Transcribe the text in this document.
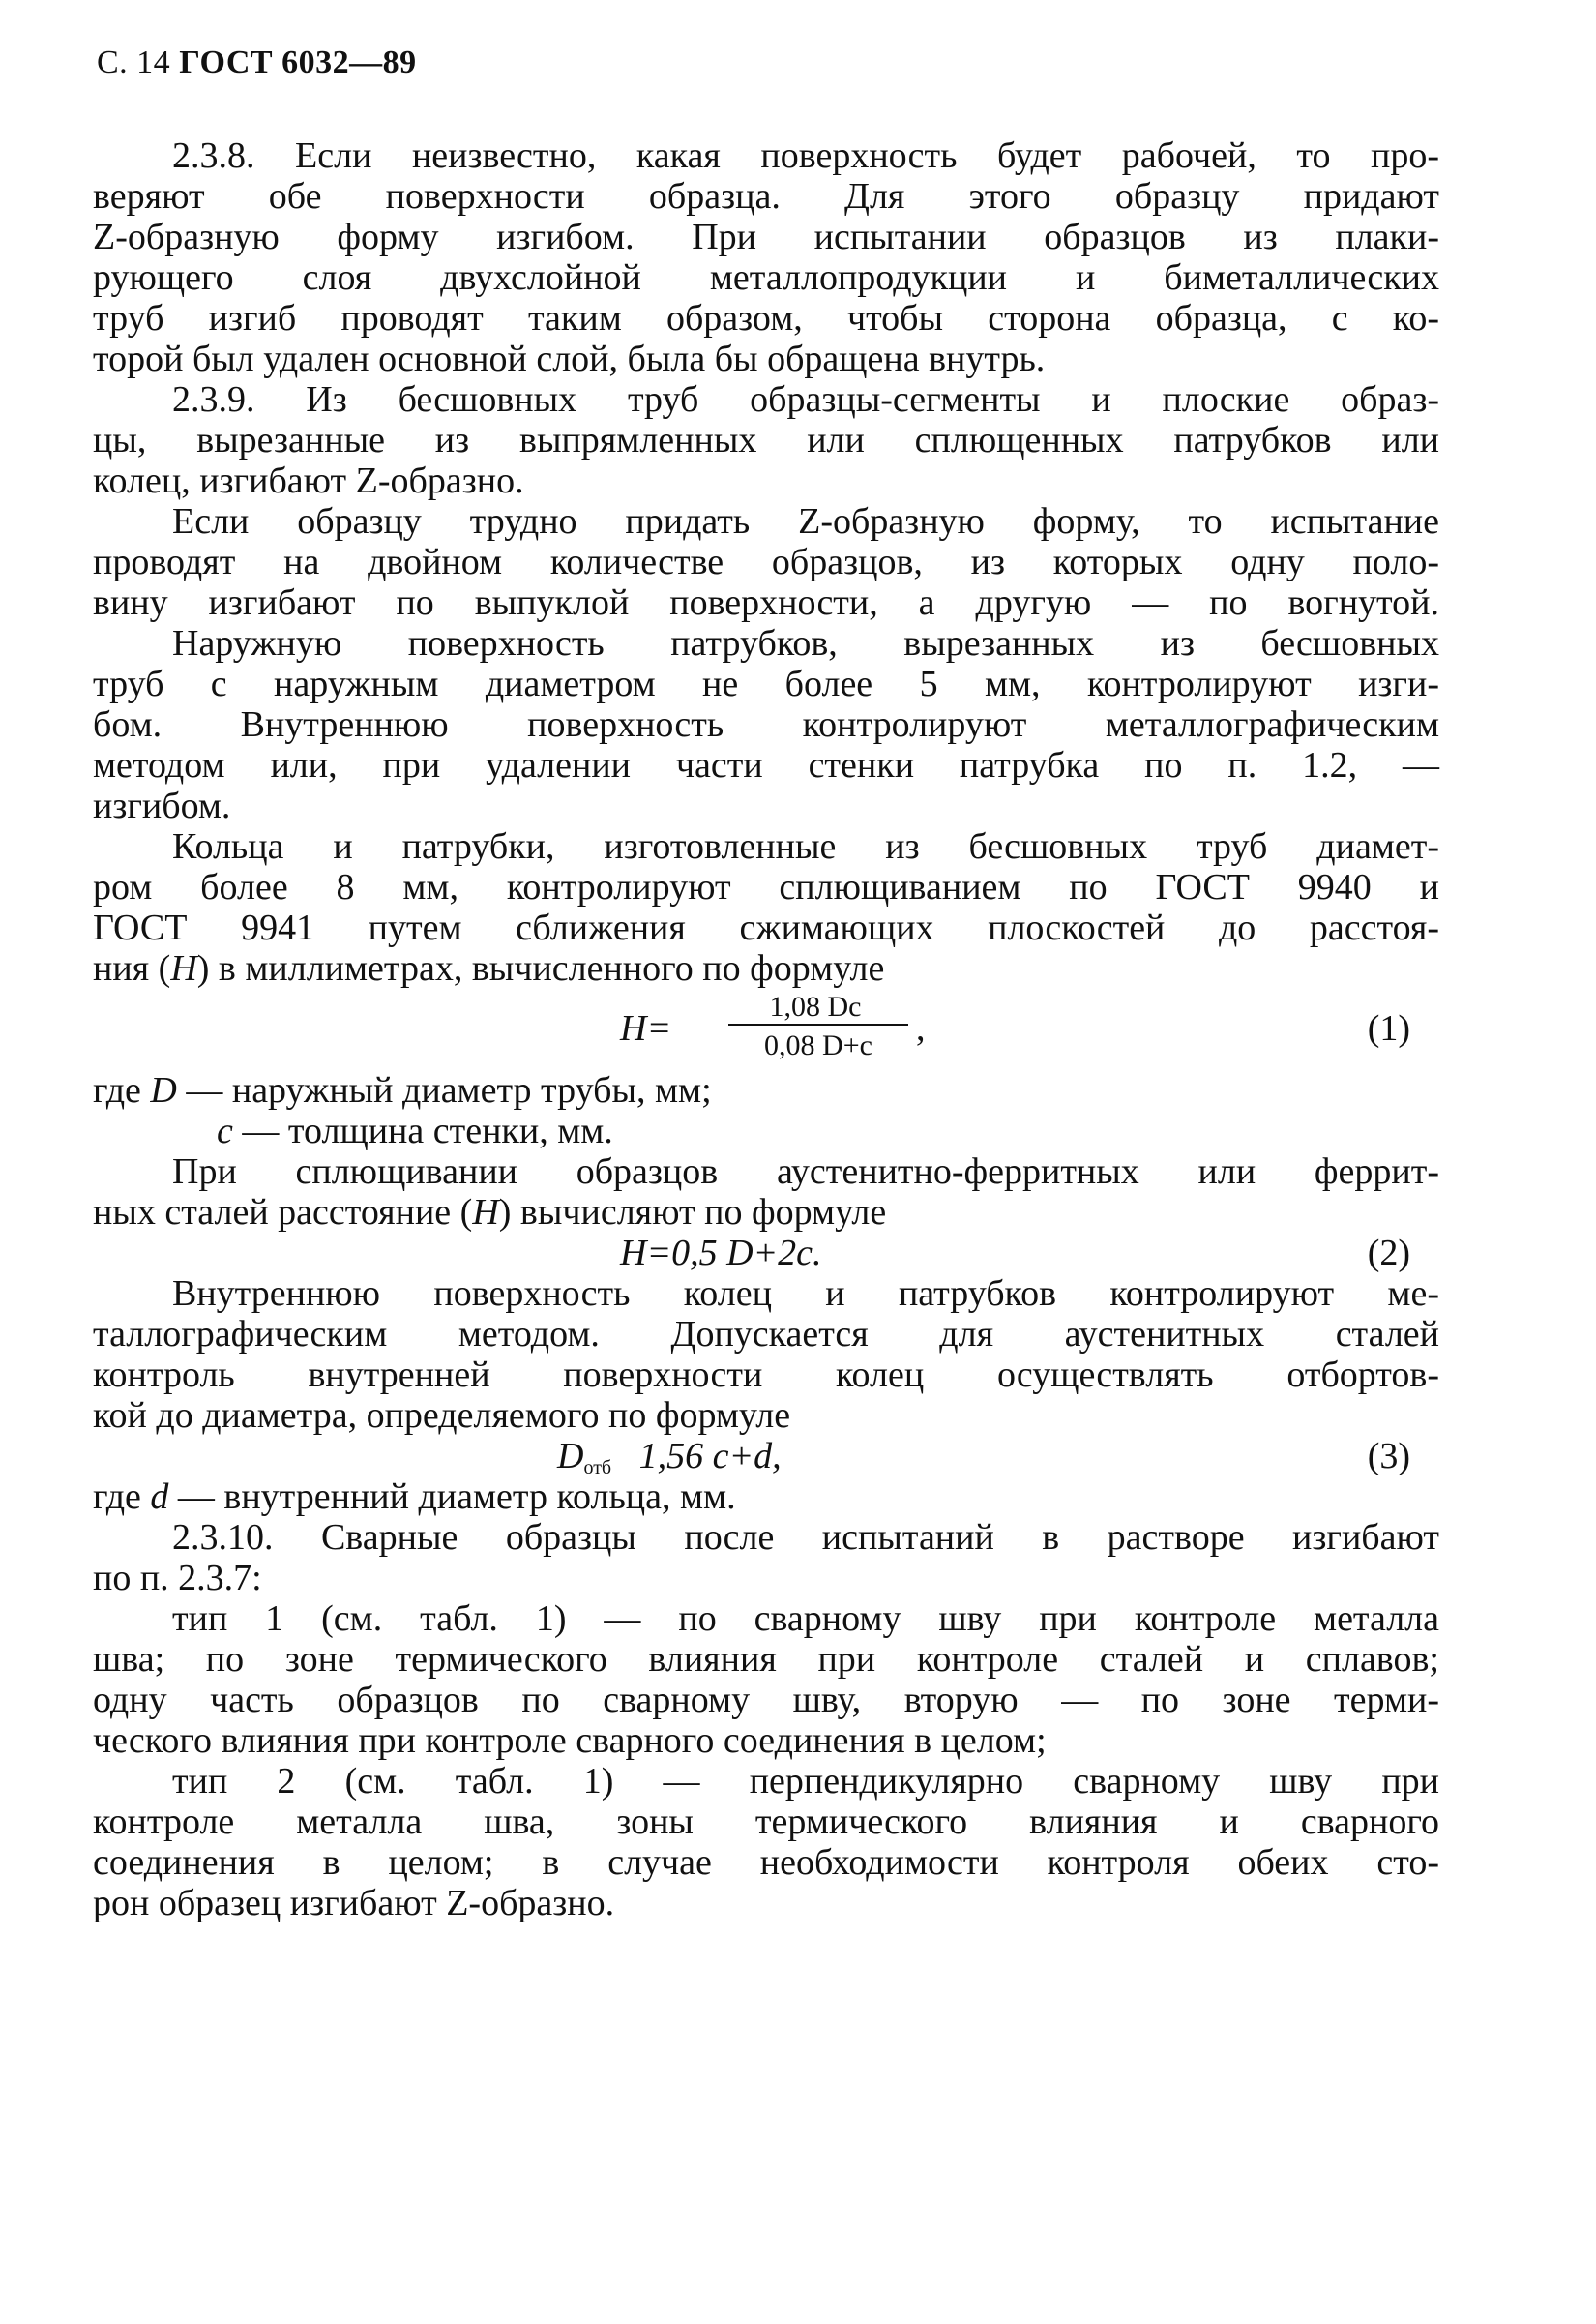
С. 14 ГОСТ 6032—89
2.3.8. Если неизвестно, какая поверхность будет рабочей, то про-
веряют обе поверхности образца. Для этого образцу придают
Z-образную форму изгибом. При испытании образцов из плаки-
рующего слоя двухслойной металлопродукции и биметаллических
труб изгиб проводят таким образом, чтобы сторона образца, с ко-
торой был удален основной слой, была бы обращена внутрь.
2.3.9. Из бесшовных труб образцы-сегменты и плоские образ-
цы, вырезанные из выпрямленных или сплющенных патрубков или
колец, изгибают Z-образно.
Если образцу трудно придать Z-образную форму, то испытание
проводят на двойном количестве образцов, из которых одну поло-
вину изгибают по выпуклой поверхности, а другую — по вогнутой.
Наружную поверхность патрубков, вырезанных из бесшовных
труб с наружным диаметром не более 5 мм, контролируют изги-
бом. Внутреннюю поверхность контролируют металлографическим
методом или, при удалении части стенки патрубка по п. 1.2, —
изгибом.
Кольца и патрубки, изготовленные из бесшовных труб диамет-
ром более 8 мм, контролируют сплющиванием по ГОСТ 9940 и
ГОСТ 9941 путем сближения сжимающих плоскостей до расстоя-
ния (H) в миллиметрах, вычисленного по формуле
H=
1,08 Dc
0,08 D+c	,	(1)
где D — наружный диаметр трубы, мм;
c — толщина стенки, мм.
При сплющивании образцов аустенитно-ферритных или феррит-
ных сталей расстояние (H) вычисляют по формуле
H=0,5 D+2c.	(2)
Внутреннюю поверхность колец и патрубков контролируют ме-
таллографическим методом. Допускается для аустенитных сталей
контроль внутренней поверхности колец осуществлять отбортов-
кой до диаметра, определяемого по формуле
$D_{отб}$ 1,56 c+d,	(3)
где d — внутренний диаметр кольца, мм.
2.3.10. Сварные образцы после испытаний в растворе изгибают
по п. 2.3.7:
тип 1 (см. табл. 1) — по сварному шву при контроле металла
шва; по зоне термического влияния при контроле сталей и сплавов;
одну часть образцов по сварному шву, вторую — по зоне терми-
ческого влияния при контроле сварного соединения в целом;
тип 2 (см. табл. 1) — перпендикулярно сварному шву при
контроле металла шва, зоны термического влияния и сварного
соединения в целом; в случае необходимости контроля обеих сто-
рон образец изгибают Z-образно.
